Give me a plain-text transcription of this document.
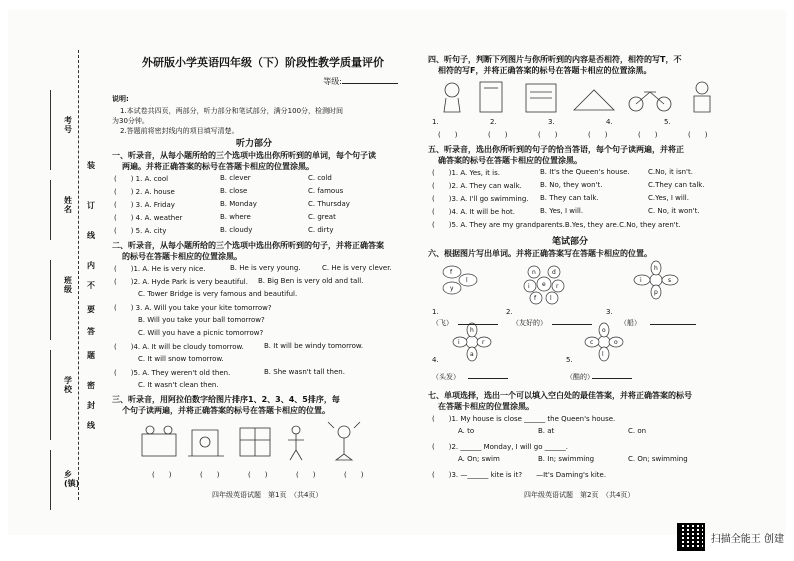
考号
姓名
班级
学校
乡(镇)
装
订
线
内
不
要
答
题
密
封
线
外研版小学英语四年级（下）阶段性教学质量评价
等级:
说明:
1.本试卷共四页，两部分，听力部分和笔试部分，满分100分，检测时间
为30分钟。
2.答题前将密封线内的项目填写清楚。
听力部分
一、听录音，从每小题所给的三个选项中选出你所听到的单词，每个句子读
两遍。并将正确答案的标号在答题卡相应的位置涂黑。
(　　) 1. A. cool	B. clever	C. cold
(　　) 2. A. house	B. close	C. famous
(　　) 3. A. Friday	B. Monday	C. Thursday
(　　) 4. A. weather	B. where	C. great
(　　) 5. A. city	B. cloudy	C. dirty
二、听录音，从每小题所给的三个选项中选出你所听到的句子，并将正确答案
的标号在答题卡相应的位置涂黑。
(　　)1. A. He is very nice.	B. He is very young.	C. He is very clever.
(　　)2. A. Hyde Park is very beautiful. B. Big Ben is very old and tall.
C. Tower Bridge is very famous and beautiful.
(　　) 3. A. Will you take your kite tomorrow?
B. Will you take your ball tomorrow?
C. Will you have a picnic tomorrow?
(　　)4. A. It will be cloudy tomorrow.	B. It will be windy tomorrow.
C. It will snow tomorrow.
(　　)5. A. They weren't old then.	B. She wasn't tall then.
C. It wasn't clean then.
三、听录音，用阿拉伯数字给图片排序1、2、3、4、5排序，每
个句子读两遍，并将正确答案的标号在答题卡相应的位置。
(　　)	(　　)	(　　)	(　　)	(　　)
四年级英语试题　第1页　（共4页）
四、听句子，判断下列图片与你所听到的内容是否相符，相符的写T，不
相符的写F，并将正确答案的标号在答题卡相应的位置涂黑。
1.	2.	3.	4.	5.
(　　)	(　　)	(　　)	(　　)	(　　)	(　　)
五、听录音，选出你所听到的句子的恰当答语，每个句子读两遍，并将正
确答案的标号在答题卡相应的位置涂黑。
(　　)1. A. Yes, it is.	B. It's the Queen's house.	C.No, it isn't.
(　　)2. A. They can walk.	B. No, they won't.	C.They can talk.
(　　)3. A. I'll go swimming. B. They can talk.	C.Yes, I will.
(　　)4. A. It will be hot.	B. Yes, I will.	C. No, it won't.
(　　)5. A. They are my grandparents.B.Yes, they are.C.No, they aren't.
笔试部分
六、根据图片写出单词。并将正确答案写在答题卡相应的位置。
f
l
y
n	d
i e r
f l
h
i	s
p
h
i	r
a
o
c	o
l
1.
（飞）
2.
（友好的）
3.
（船）
（头发）
5.
（酷的）
4.
七、单项选择，选出一个可以填入空白处的最佳答案，并将正确答案的标号
在答题卡相应的位置涂黑。
(　　)1. My house is close ______ the Queen's house.
A. to	B. at	C. on
(　　)2. ______ Monday, I will go ______.
A. On; swim	B. In; swimming	C. On; swimming
(　　)3. —______ kite is it?　　—It's Daming's kite.
四年级英语试题　第2页　（共4页）
扫描全能王 创建
